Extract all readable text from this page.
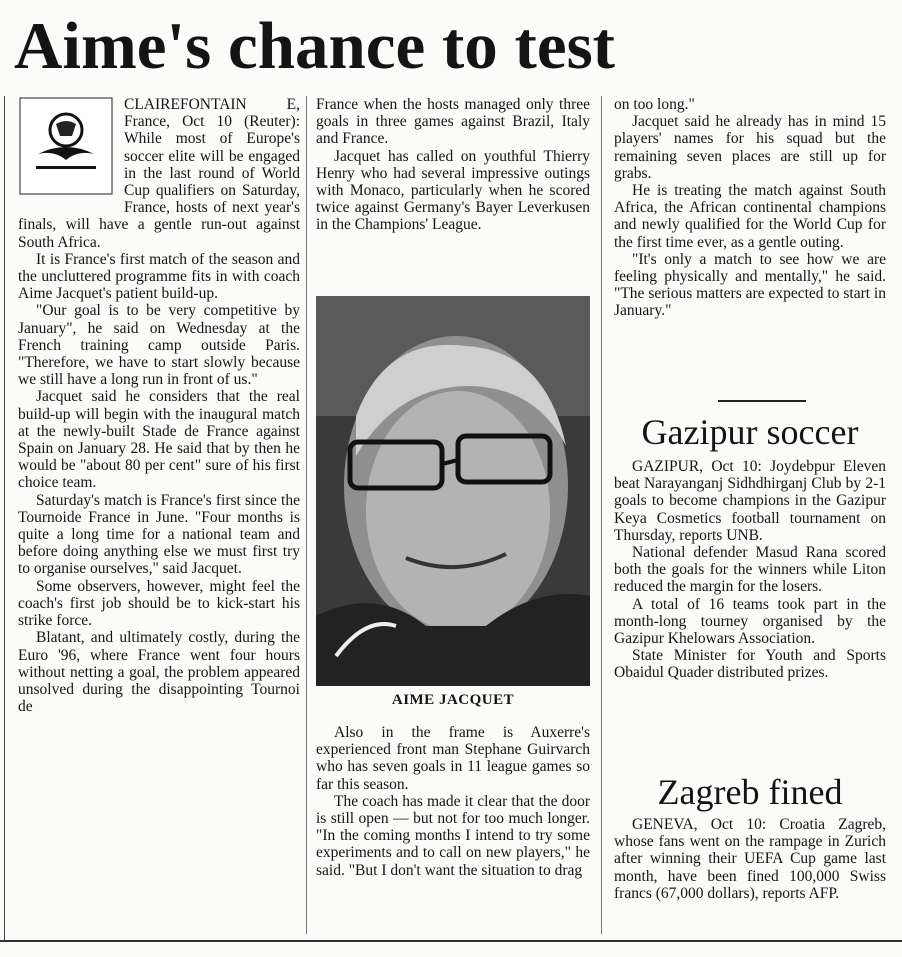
Aime's chance to test

CLAIREFONTAIN E, France, Oct 10 (Reuter): While most of Europe's soccer elite will be engaged in the last round of World Cup qualifiers on Saturday, France, hosts of next year's finals, will have a gentle run-out against South Africa.

It is France's first match of the season and the uncluttered programme fits in with coach Aime Jacquet's patient build-up.

"Our goal is to be very competitive by January", he said on Wednesday at the French training camp outside Paris. "Therefore, we have to start slowly because we still have a long run in front of us."

Jacquet said he considers that the real build-up will begin with the inaugural match at the newly-built Stade de France against Spain on January 28. He said that by then he would be "about 80 per cent" sure of his first choice team.

Saturday's match is France's first since the Tournoide France in June. "Four months is quite a long time for a national team and before doing anything else we must first try to organise ourselves," said Jacquet.

Some observers, however, might feel the coach's first job should be to kick-start his strike force.

Blatant, and ultimately costly, during the Euro '96, where France went four hours without netting a goal, the problem appeared unsolved during the disappointing Tournoi de

France when the hosts managed only three goals in three games against Brazil, Italy and France.

Jacquet has called on youthful Thierry Henry who had several impressive outings with Monaco, particularly when he scored twice against Germany's Bayer Leverkusen in the Champions' League.

AIME JACQUET

Also in the frame is Auxerre's experienced front man Stephane Guirvarch who has seven goals in 11 league games so far this season.

The coach has made it clear that the door is still open — but not for too much longer. "In the coming months I intend to try some experiments and to call on new players," he said. "But I don't want the situation to drag

on too long."

Jacquet said he already has in mind 15 players' names for his squad but the remaining seven places are still up for grabs.

He is treating the match against South Africa, the African continental champions and newly qualified for the World Cup for the first time ever, as a gentle outing.

"It's only a match to see how we are feeling physically and mentally," he said. "The serious matters are expected to start in January."

Gazipur soccer

GAZIPUR, Oct 10: Joydebpur Eleven beat Narayanganj Sidhdhirganj Club by 2-1 goals to become champions in the Gazipur Keya Cosmetics football tournament on Thursday, reports UNB.

National defender Masud Rana scored both the goals for the winners while Liton reduced the margin for the losers.

A total of 16 teams took part in the month-long tourney organised by the Gazipur Khelowars Association.

State Minister for Youth and Sports Obaidul Quader distributed prizes.

Zagreb fined

GENEVA, Oct 10: Croatia Zagreb, whose fans went on the rampage in Zurich after winning their UEFA Cup game last month, have been fined 100,000 Swiss francs (67,000 dollars), reports AFP.
